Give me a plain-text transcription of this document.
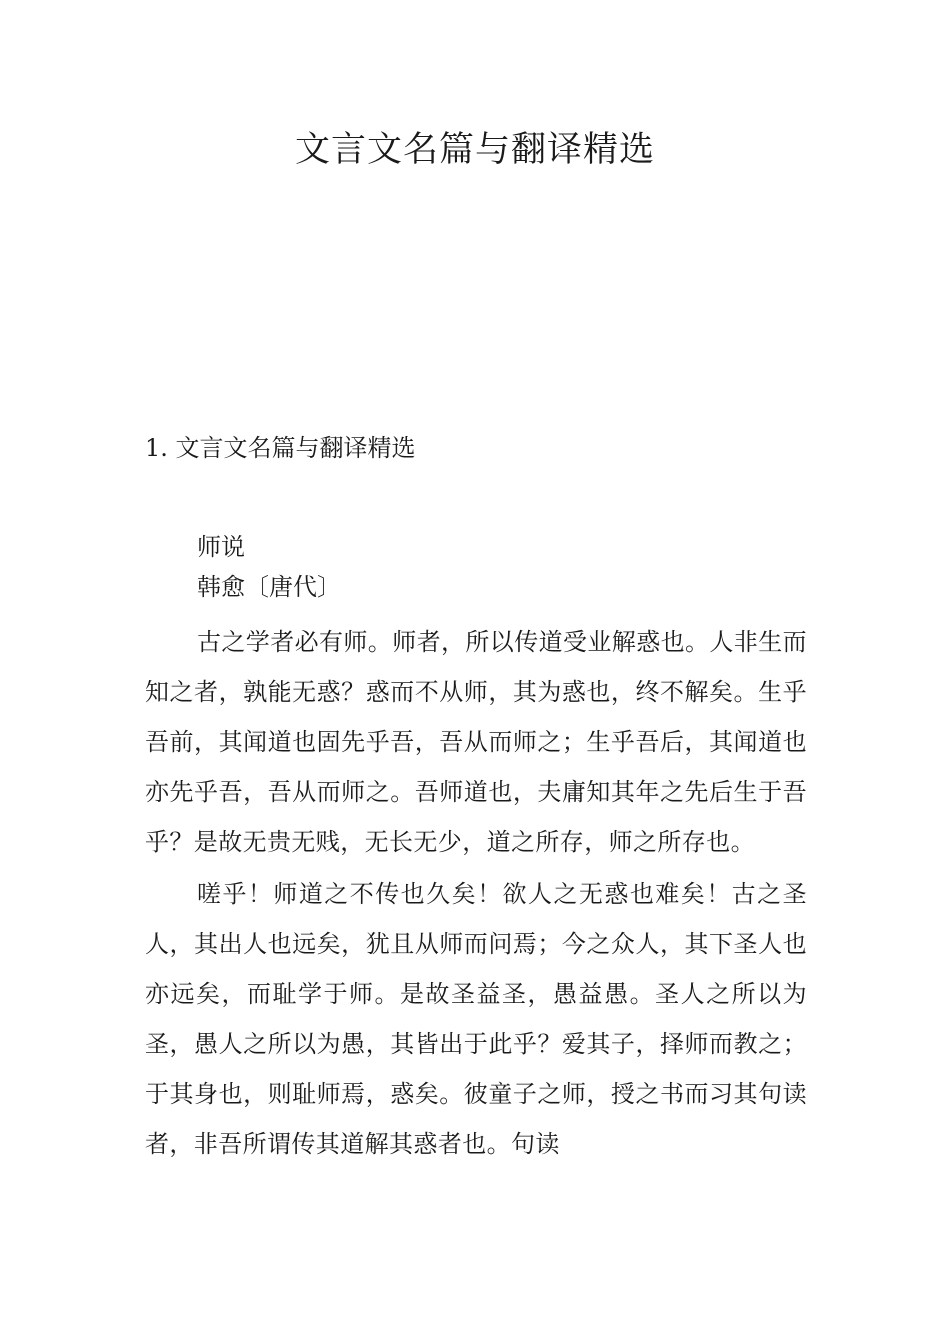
文言文名篇与翻译精选
1. 文言文名篇与翻译精选
师说
韩愈〔唐代〕

古之学者必有师。师者，所以传道受业解惑也。人非生而知之者，孰能无惑？惑而不从师，其为惑也，终不解矣。生乎吾前，其闻道也固先乎吾，吾从而师之；生乎吾后，其闻道也亦先乎吾，吾从而师之。吾师道也，夫庸知其年之先后生于吾乎？是故无贵无贱，无长无少，道之所存，师之所存也。

嗟乎！师道之不传也久矣！欲人之无惑也难矣！古之圣人，其出人也远矣，犹且从师而问焉；今之众人，其下圣人也亦远矣，而耻学于师。是故圣益圣，愚益愚。圣人之所以为圣，愚人之所以为愚，其皆出于此乎？爱其子，择师而教之；于其身也，则耻师焉，惑矣。彼童子之师，授之书而习其句读者，非吾所谓传其道解其惑者也。句读
